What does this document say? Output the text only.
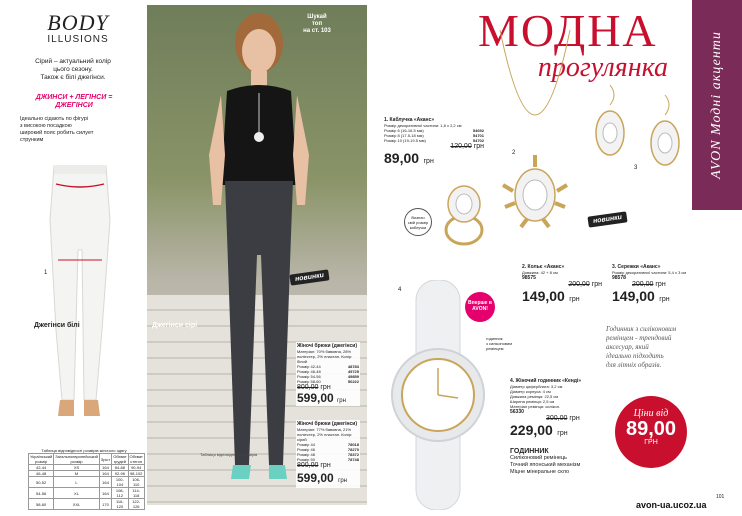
BODY
ILLUSIONS
Сірий – актуальний колір
цього сезону.
Також є білі джегінси.
ДЖИНСИ + ЛЕГІНСИ =
ДЖЕГІНСИ
Ідеально сідають по фігурі
з високою посадкою
широкий пояс робить силует
струнким
1
Джегінси білі
Таблиця відповідності розмірів жіночого одягу
Український розмір	Загальноєвропейський розмір	Зріст	Обхват грудей	Обхват стегон
42-44	XS	164	84-88	90-94
46-48	M	164	92-96	98-102
50-52	L	164	100-104	106-110
54-56	XL	164	108-112	114-118
58-60	XXL	170	116-120	122-126
Шукай
топ
на ст. 103
новинки
Джегінси сірі
Жіночі брюки (джегінси)
Матеріал: 70% бавовна, 28% поліестер, 2% еластан. Колір: білий
Розмір 42-44	48783
Розмір 46-48	49725
Розмір 54-56	49859
Розмір 58-60	50222
800,00 грн
599,00 грн
Жіночі брюки (джегінси)
Матеріал: 77% бавовна, 21% поліестер, 2% еластан. Колір: сірий
Розмір 44	78018
Розмір 46	78270
Розмір 48	78372
Розмір 50	78748
800,00 грн
599,00 грн
Таблиця відповідності розмірів
МОДНА
прогулянка	AVON Модні акценти
1. Каблучка «Аканс»
Розмір декоративної частини: 1,8 х 2,2 см
Розмір 6 (16-16.5 мм)	54692
Розмір 8 (17.5-18 мм)	54701
Розмір 10 (19-19.5 мм)	54702
120,00 грн
89,00 грн
2
3
Визнач
свій розмір
каблучки
новинки
2. Кольє «Аканс»
Довжина: 42 + 8 см
98575
200,00 грн
149,00 грн
3. Сережки «Аканс»
Розмір декоративної частини: 5,4 х 3 см
98578
200,00 грн
149,00 грн
4
Вперше в
AVON!
годинник
з силіконовим
ремінцем
4. Жіночий годинник «Кенді»
Діаметр циферблата: 3,2 см
Діаметр корпуса: 4 см
Довжина ремінця: 22,5 см
Ширина ремінця: 2,5 см
Матеріал ремінця: силікон.
56330
300,00 грн
229,00 грн
ГОДИННИК
Силіконовий ремінець
Точний японський механізм
Міцне мінеральне скло
Годинник з силіконовим
ремінцем - трендовий
аксесуар, який
ідеально підходить
для літніх образів.
Ціни від
89,00
ГРН
101
avon-ua.ucoz.ua
